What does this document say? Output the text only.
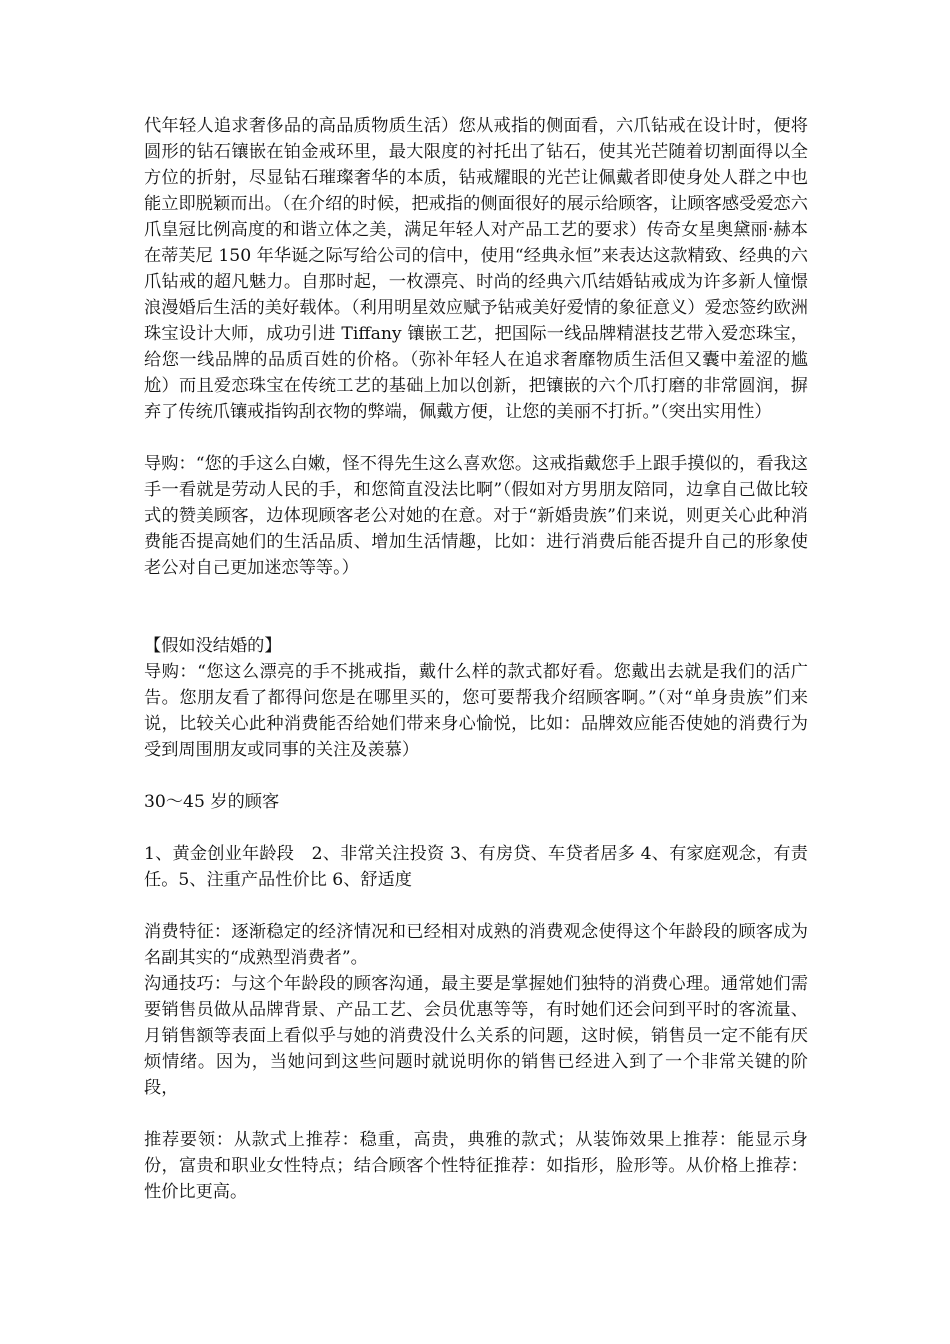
代年轻人追求奢侈品的高品质物质生活）您从戒指的侧面看，六爪钻戒在设计时，便将圆形的钻石镶嵌在铂金戒环里，最大限度的衬托出了钻石，使其光芒随着切割面得以全方位的折射，尽显钻石璀璨奢华的本质，钻戒耀眼的光芒让佩戴者即使身处人群之中也能立即脱颖而出。（在介绍的时候，把戒指的侧面很好的展示给顾客，让顾客感受爱恋六爪皇冠比例高度的和谐立体之美，满足年轻人对产品工艺的要求）传奇女星奥黛丽·赫本在蒂芙尼 150 年华诞之际写给公司的信中，使用“经典永恒”来表达这款精致、经典的六爪钻戒的超凡魅力。自那时起，一枚漂亮、时尚的经典六爪结婚钻戒成为许多新人憧憬浪漫婚后生活的美好载体。（利用明星效应赋予钻戒美好爱情的象征意义）爱恋签约欧洲珠宝设计大师，成功引进 Tiffany 镶嵌工艺，把国际一线品牌精湛技艺带入爱恋珠宝，给您一线品牌的品质百姓的价格。（弥补年轻人在追求奢靡物质生活但又囊中羞涩的尴尬）而且爱恋珠宝在传统工艺的基础上加以创新，把镶嵌的六个爪打磨的非常圆润，摒弃了传统爪镶戒指钩刮衣物的弊端，佩戴方便，让您的美丽不打折。”（突出实用性）

导购：“您的手这么白嫩，怪不得先生这么喜欢您。这戒指戴您手上跟手摸似的，看我这手一看就是劳动人民的手，和您简直没法比啊”（假如对方男朋友陪同，边拿自己做比较式的赞美顾客，边体现顾客老公对她的在意。对于“新婚贵族”们来说，则更关心此种消费能否提高她们的生活品质、增加生活情趣，比如：进行消费后能否提升自己的形象使老公对自己更加迷恋等等。）

【假如没结婚的】

导购：“您这么漂亮的手不挑戒指，戴什么样的款式都好看。您戴出去就是我们的活广告。您朋友看了都得问您是在哪里买的，您可要帮我介绍顾客啊。”（对“单身贵族”们来说，比较关心此种消费能否给她们带来身心愉悦，比如：品牌效应能否使她的消费行为受到周围朋友或同事的关注及羡慕）

30～45 岁的顾客

1、黄金创业年龄段　2、非常关注投资 3、有房贷、车贷者居多 4、有家庭观念，有责任。5、注重产品性价比 6、舒适度

消费特征：逐渐稳定的经济情况和已经相对成熟的消费观念使得这个年龄段的顾客成为名副其实的“成熟型消费者”。

沟通技巧：与这个年龄段的顾客沟通，最主要是掌握她们独特的消费心理。通常她们需要销售员做从品牌背景、产品工艺、会员优惠等等，有时她们还会问到平时的客流量、月销售额等表面上看似乎与她的消费没什么关系的问题，这时候，销售员一定不能有厌烦情绪。因为，当她问到这些问题时就说明你的销售已经进入到了一个非常关键的阶段，

推荐要领：从款式上推荐：稳重，高贵，典雅的款式；从装饰效果上推荐：能显示身份，富贵和职业女性特点；结合顾客个性特征推荐：如指形，脸形等。从价格上推荐：性价比更高。
